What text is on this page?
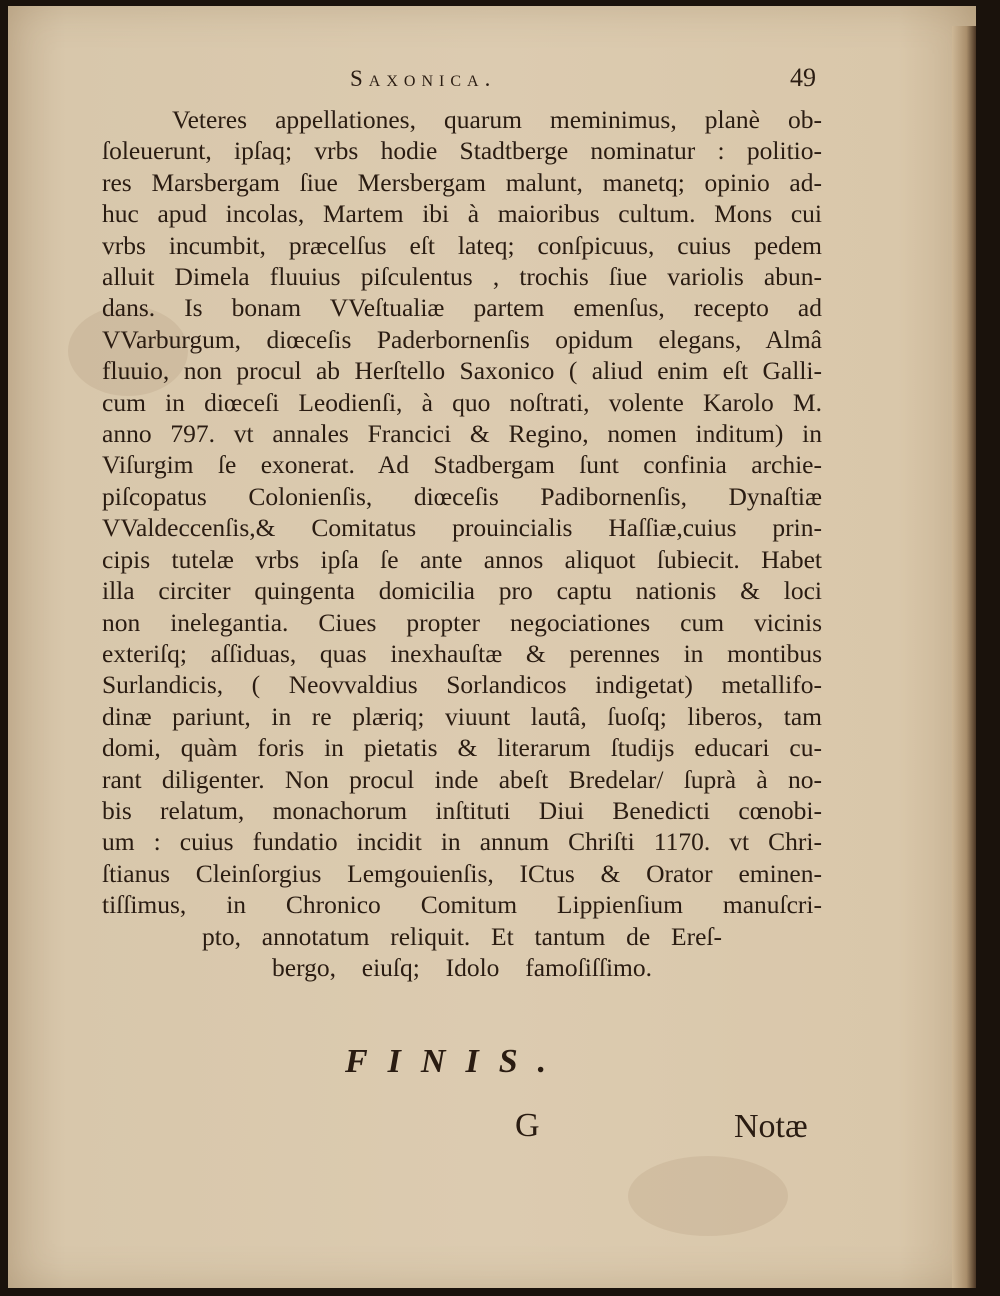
Saxonica.	49
Veteres appellationes, quarum meminimus, planè ob-
ſoleuerunt, ipſaq; vrbs hodie Stadtberge nominatur : politio-
res Marsbergam ſiue Mersbergam malunt, manetq; opinio ad-
huc apud incolas, Martem ibi à maioribus cultum. Mons cui
vrbs incumbit, præcelſus eſt lateq; conſpicuus, cuius pedem
alluit Dimela fluuius piſculentus , trochis ſiue variolis abun-
dans. Is bonam VVeſtualiæ partem emenſus, recepto ad
VVarburgum, diœceſis Paderbornenſis opidum elegans, Almâ
fluuio, non procul ab Herſtello Saxonico ( aliud enim eſt Galli-
cum in diœceſi Leodienſi, à quo noſtrati, volente Karolo M.
anno 797. vt annales Francici & Regino, nomen inditum) in
Viſurgim ſe exonerat. Ad Stadbergam ſunt confinia archie-
piſcopatus Colonienſis, diœceſis Padibornenſis, Dynaſtiæ
VValdeccenſis,& Comitatus prouincialis Haſſiæ,cuius prin-
cipis tutelæ vrbs ipſa ſe ante annos aliquot ſubiecit. Habet
illa circiter quingenta domicilia pro captu nationis & loci
non inelegantia. Ciues propter negociationes cum vicinis
exteriſq; aſſiduas, quas inexhauſtæ & perennes in montibus
Surlandicis, ( Neovvaldius Sorlandicos indigetat) metallifo-
dinæ pariunt, in re plæriq; viuunt lautâ, ſuoſq; liberos, tam
domi, quàm foris in pietatis & literarum ſtudijs educari cu-
rant diligenter. Non procul inde abeſt Bredelar/ ſuprà à no-
bis relatum, monachorum inſtituti Diui Benedicti cœnobi-
um : cuius fundatio incidit in annum Chriſti 1170. vt Chri-
ſtianus Cleinſorgius Lemgouienſis, ICtus & Orator eminen-
tiſſimus, in Chronico Comitum Lippienſium manuſcri-
pto, annotatum reliquit. Et tantum de Ereſ-
bergo, eiuſq; Idolo famoſiſſimo.
FINIS.
G	Notæ
